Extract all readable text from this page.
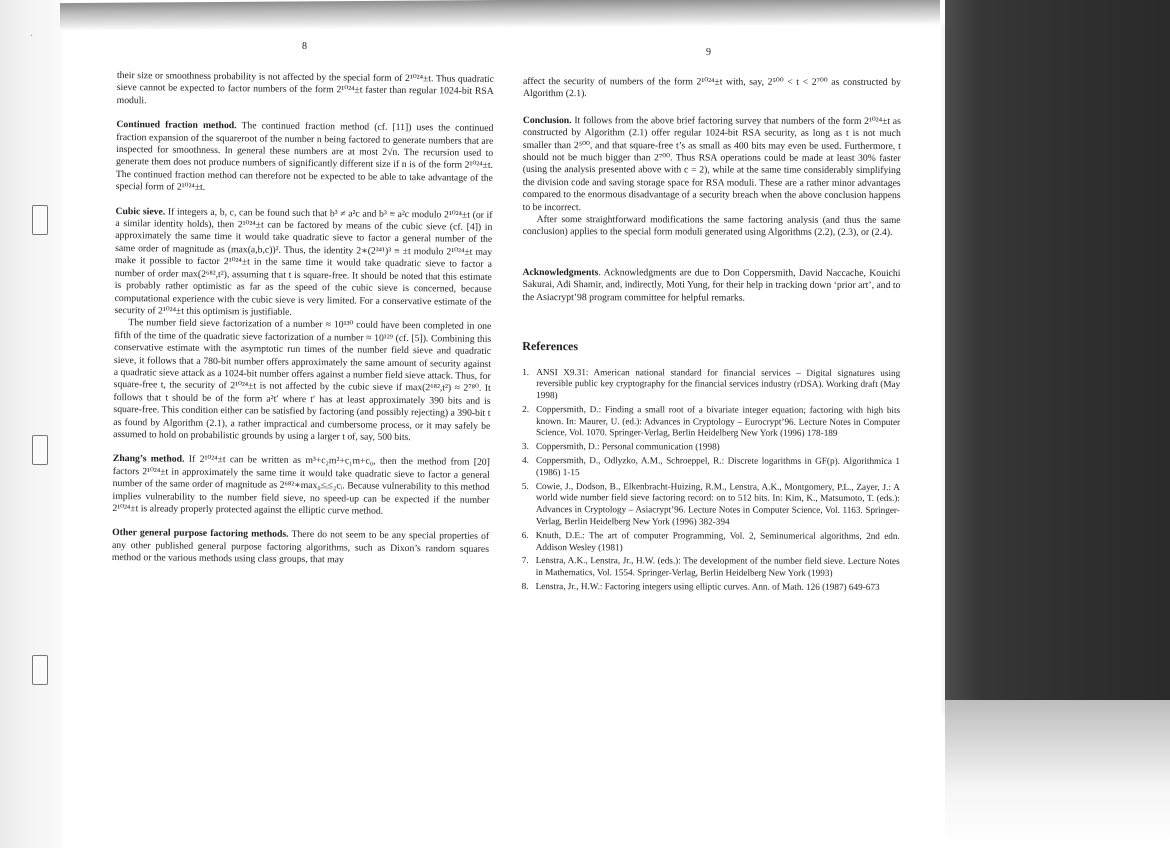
·
8
9

their size or smoothness probability is not affected by the special form of 2¹⁰²⁴±t. Thus quadratic sieve cannot be expected to factor numbers of the form 2¹⁰²⁴±t faster than regular 1024-bit RSA moduli.

Continued fraction method. The continued fraction method (cf. [11]) uses the continued fraction expansion of the squareroot of the number n being factored to generate numbers that are inspected for smoothness. In general these numbers are at most 2√n. The recursion used to generate them does not produce numbers of significantly different size if n is of the form 2¹⁰²⁴±t. The continued fraction method can therefore not be expected to be able to take advantage of the special form of 2¹⁰²⁴±t.

Cubic sieve. If integers a, b, c, can be found such that b³ ≠ a²c and b³ ≡ a²c modulo 2¹⁰²⁴±t (or if a similar identity holds), then 2¹⁰²⁴±t can be factored by means of the cubic sieve (cf. [4]) in approximately the same time it would take quadratic sieve to factor a general number of the same order of magnitude as (max(a,b,c))². Thus, the identity 2∗(2³⁴¹)³ ≡ ±t modulo 2¹⁰²⁴±t may make it possible to factor 2¹⁰²⁴±t in the same time it would take quadratic sieve to factor a number of order max(2⁶⁸²,t²), assuming that t is square-free. It should be noted that this estimate is probably rather optimistic as far as the speed of the cubic sieve is concerned, because computational experience with the cubic sieve is very limited. For a conservative estimate of the security of 2¹⁰²⁴±t this optimism is justifiable.

The number field sieve factorization of a number ≈ 10¹³⁰ could have been completed in one fifth of the time of the quadratic sieve factorization of a number ≈ 10¹²⁹ (cf. [5]). Combining this conservative estimate with the asymptotic run times of the number field sieve and quadratic sieve, it follows that a 780-bit number offers approximately the same amount of security against a quadratic sieve attack as a 1024-bit number offers against a number field sieve attack. Thus, for square-free t, the security of 2¹⁰²⁴±t is not affected by the cubic sieve if max(2⁶⁸²,t²) ≈ 2⁷⁸⁰. It follows that t should be of the form a²t′ where t′ has at least approximately 390 bits and is square-free. This condition either can be satisfied by factoring (and possibly rejecting) a 390-bit t as found by Algorithm (2.1), a rather impractical and cumbersome process, or it may safely be assumed to hold on probabilistic grounds by using a larger t of, say, 500 bits.

Zhang’s method. If 2¹⁰²⁴±t can be written as m³+c₂m²+c₁m+c₀, then the method from [20] factors 2¹⁰²⁴±t in approximately the same time it would take quadratic sieve to factor a general number of the same order of magnitude as 2⁶⁸²∗max₀≤ᵢ≤₂cᵢ. Because vulnerability to this method implies vulnerability to the number field sieve, no speed-up can be expected if the number 2¹⁰²⁴±t is already properly protected against the elliptic curve method.

Other general purpose factoring methods. There do not seem to be any special properties of any other published general purpose factoring algorithms, such as Dixon’s random squares method or the various methods using class groups, that may

affect the security of numbers of the form 2¹⁰²⁴±t with, say, 2⁵⁰⁰ < t < 2⁷⁰⁰ as constructed by Algorithm (2.1).

Conclusion. It follows from the above brief factoring survey that numbers of the form 2¹⁰²⁴±t as constructed by Algorithm (2.1) offer regular 1024-bit RSA security, as long as t is not much smaller than 2⁵⁰⁰, and that square-free t’s as small as 400 bits may even be used. Furthermore, t should not be much bigger than 2⁷⁰⁰. Thus RSA operations could be made at least 30% faster (using the analysis presented above with c = 2), while at the same time considerably simplifying the division code and saving storage space for RSA moduli. These are a rather minor advantages compared to the enormous disadvantage of a security breach when the above conclusion happens to be incorrect.

After some straightforward modifications the same factoring analysis (and thus the same conclusion) applies to the special form moduli generated using Algorithms (2.2), (2.3), or (2.4).

Acknowledgments. Acknowledgments are due to Don Coppersmith, David Naccache, Kouichi Sakurai, Adi Shamir, and, indirectly, Moti Yung, for their help in tracking down ‘prior art’, and to the Asiacrypt’98 program committee for helpful remarks.

References
1. ANSI X9.31: American national standard for financial services – Digital signatures using reversible public key cryptography for the financial services industry (rDSA). Working draft (May 1998)
2. Coppersmith, D.: Finding a small root of a bivariate integer equation; factoring with high bits known. In: Maurer, U. (ed.): Advances in Cryptology – Eurocrypt’96. Lecture Notes in Computer Science, Vol. 1070. Springer-Verlag, Berlin Heidelberg New York (1996) 178-189
3. Coppersmith, D.: Personal communication (1998)
4. Coppersmith, D., Odlyzko, A.M., Schroeppel, R.: Discrete logarithms in GF(p). Algorithmica 1 (1986) 1-15
5. Cowie, J., Dodson, B., Elkenbracht-Huizing, R.M., Lenstra, A.K., Montgomery, P.L., Zayer, J.: A world wide number field sieve factoring record: on to 512 bits. In: Kim, K., Matsumoto, T. (eds.): Advances in Cryptology – Asiacrypt’96. Lecture Notes in Computer Science, Vol. 1163. Springer-Verlag, Berlin Heidelberg New York (1996) 382-394
6. Knuth, D.E.: The art of computer Programming, Vol. 2, Seminumerical algorithms, 2nd edn. Addison Wesley (1981)
7. Lenstra, A.K., Lenstra, Jr., H.W. (eds.): The development of the number field sieve. Lecture Notes in Mathematics, Vol. 1554. Springer-Verlag, Berlin Heidelberg New York (1993)
8. Lenstra, Jr., H.W.: Factoring integers using elliptic curves. Ann. of Math. 126 (1987) 649-673
